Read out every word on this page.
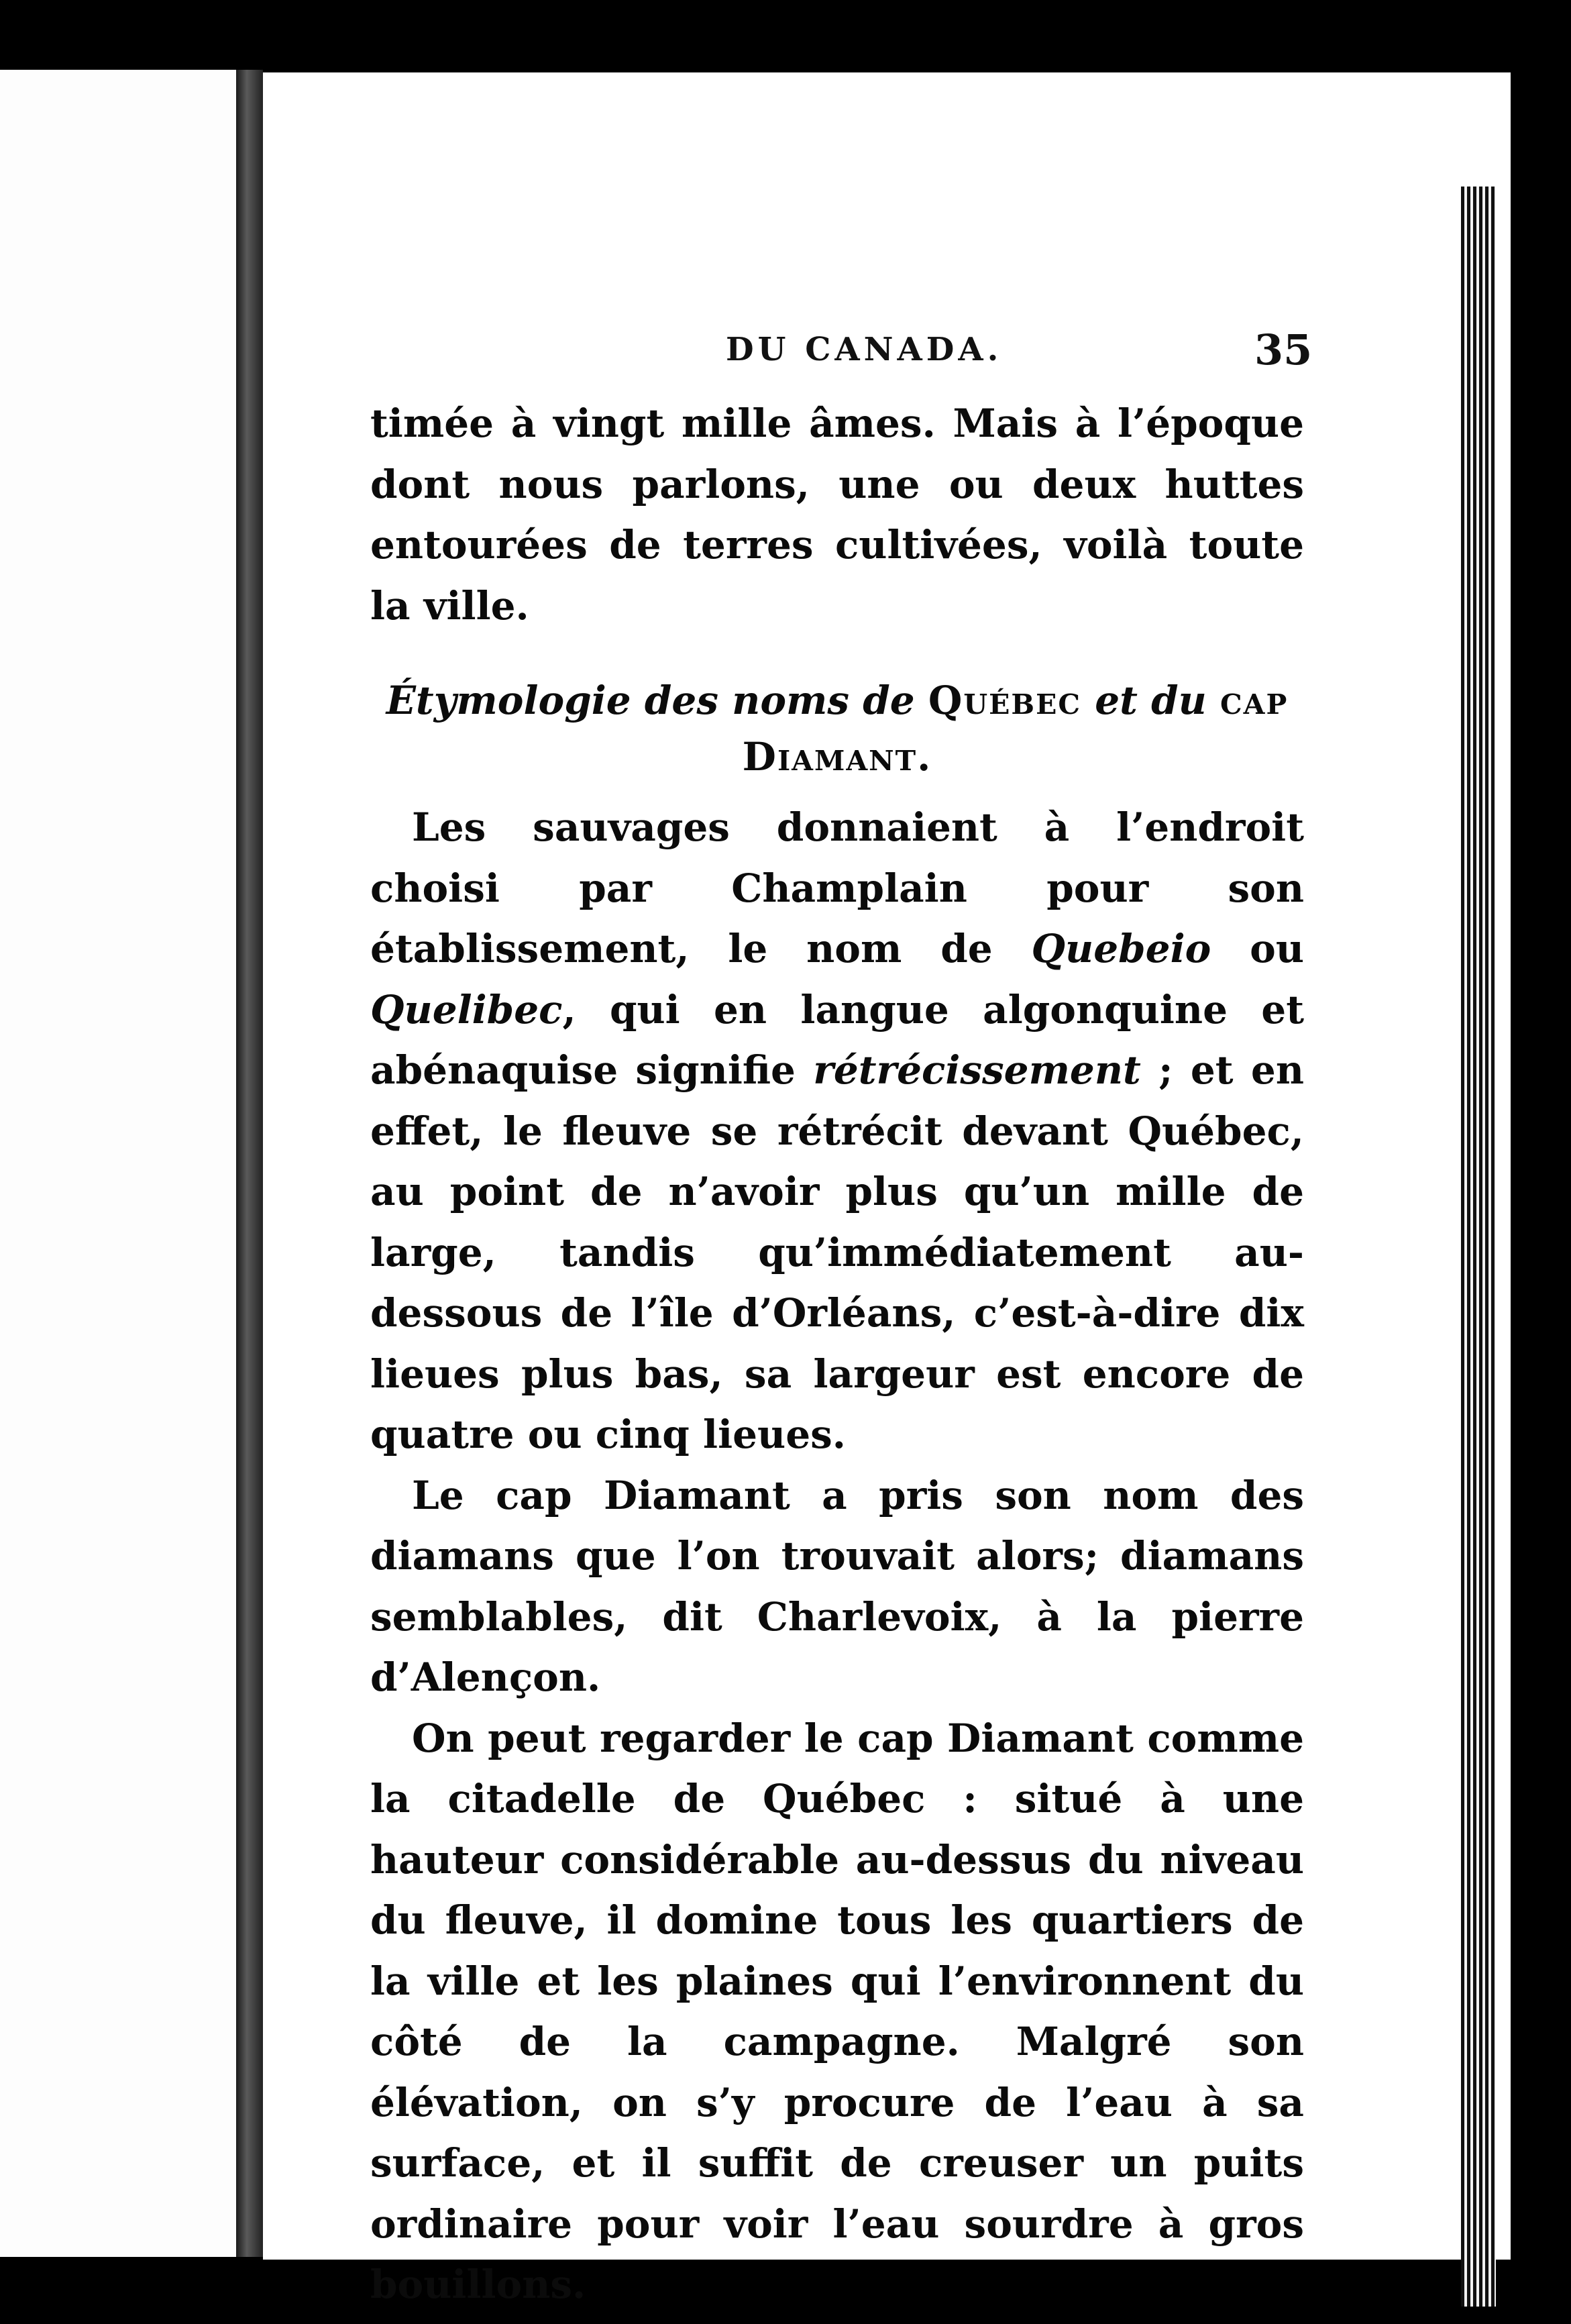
DU CANADA.	35

timée à vingt mille âmes. Mais à l’époque dont nous parlons, une ou deux huttes entourées de terres cultivées, voilà toute la ville.

Étymologie des noms de Québec et du cap Diamant.

Les sauvages donnaient à l’endroit choisi par Champlain pour son établissement, le nom de Quebeio ou Quelibec, qui en langue algonquine et abénaquise signifie rétrécissement ; et en effet, le fleuve se rétrécit devant Québec, au point de n’avoir plus qu’un mille de large, tandis qu’immédiatement au-dessous de l’île d’Orléans, c’est-à-dire dix lieues plus bas, sa largeur est encore de quatre ou cinq lieues.

Le cap Diamant a pris son nom des diamans que l’on trouvait alors; diamans semblables, dit Charlevoix, à la pierre d’Alençon.

On peut regarder le cap Diamant comme la citadelle de Québec : situé à une hauteur considérable au-dessus du niveau du fleuve, il domine tous les quartiers de la ville et les plaines qui l’environnent du côté de la campagne. Malgré son élévation, on s’y procure de l’eau à sa surface, et il suffit de creuser un puits ordinaire pour voir l’eau sourdre à gros bouillons.
